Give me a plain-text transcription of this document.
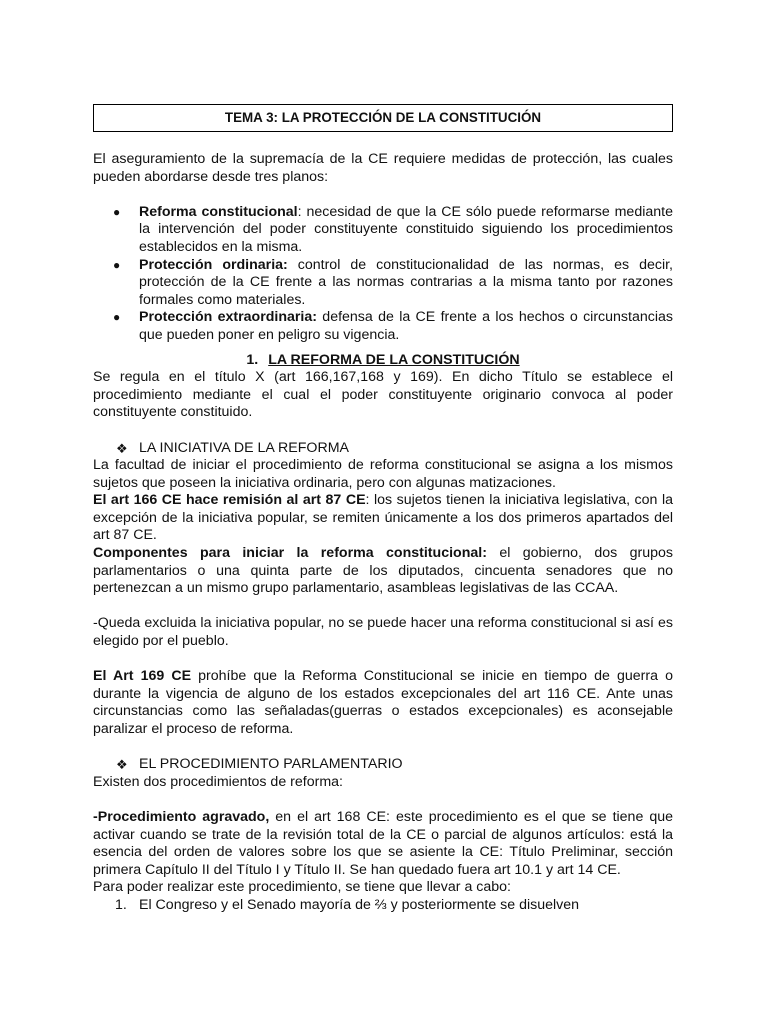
TEMA 3: LA PROTECCIÓN DE LA CONSTITUCIÓN

El aseguramiento de la supremacía de la CE requiere medidas de protección, las cuales pueden abordarse desde tres planos:

● Reforma constitucional: necesidad de que la CE sólo puede reformarse mediante la intervención del poder constituyente constituido siguiendo los procedimientos establecidos en la misma.
● Protección ordinaria: control de constitucionalidad de las normas, es decir, protección de la CE frente a las normas contrarias a la misma tanto por razones formales como materiales.
● Protección extraordinaria: defensa de la CE frente a los hechos o circunstancias que pueden poner en peligro su vigencia.
1. LA REFORMA DE LA CONSTITUCIÓN

Se regula en el título X (art 166,167,168 y 169). En dicho Título se establece el procedimiento mediante el cual el poder constituyente originario convoca al poder constituyente constituido.

❖ LA INICIATIVA DE LA REFORMA

La facultad de iniciar el procedimiento de reforma constitucional se asigna a los mismos sujetos que poseen la iniciativa ordinaria, pero con algunas matizaciones.

El art 166 CE hace remisión al art 87 CE: los sujetos tienen la iniciativa legislativa, con la excepción de la iniciativa popular, se remiten únicamente a los dos primeros apartados del art 87 CE.

Componentes para iniciar la reforma constitucional: el gobierno, dos grupos parlamentarios o una quinta parte de los diputados, cincuenta senadores que no pertenezcan a un mismo grupo parlamentario, asambleas legislativas de las CCAA.

-Queda excluida la iniciativa popular, no se puede hacer una reforma constitucional si así es elegido por el pueblo.

El Art 169 CE prohíbe que la Reforma Constitucional se inicie en tiempo de guerra o durante la vigencia de alguno de los estados excepcionales del art 116 CE. Ante unas circunstancias como las señaladas(guerras o estados excepcionales) es aconsejable paralizar el proceso de reforma.

❖ EL PROCEDIMIENTO PARLAMENTARIO

Existen dos procedimientos de reforma:

-Procedimiento agravado, en el art 168 CE: este procedimiento es el que se tiene que activar cuando se trate de la revisión total de la CE o parcial de algunos artículos: está la esencia del orden de valores sobre los que se asiente la CE: Título Preliminar, sección primera Capítulo II del Título I y Título II. Se han quedado fuera art 10.1 y art 14 CE.

Para poder realizar este procedimiento, se tiene que llevar a cabo:

1. El Congreso y el Senado mayoría de ⅔ y posteriormente se disuelven
